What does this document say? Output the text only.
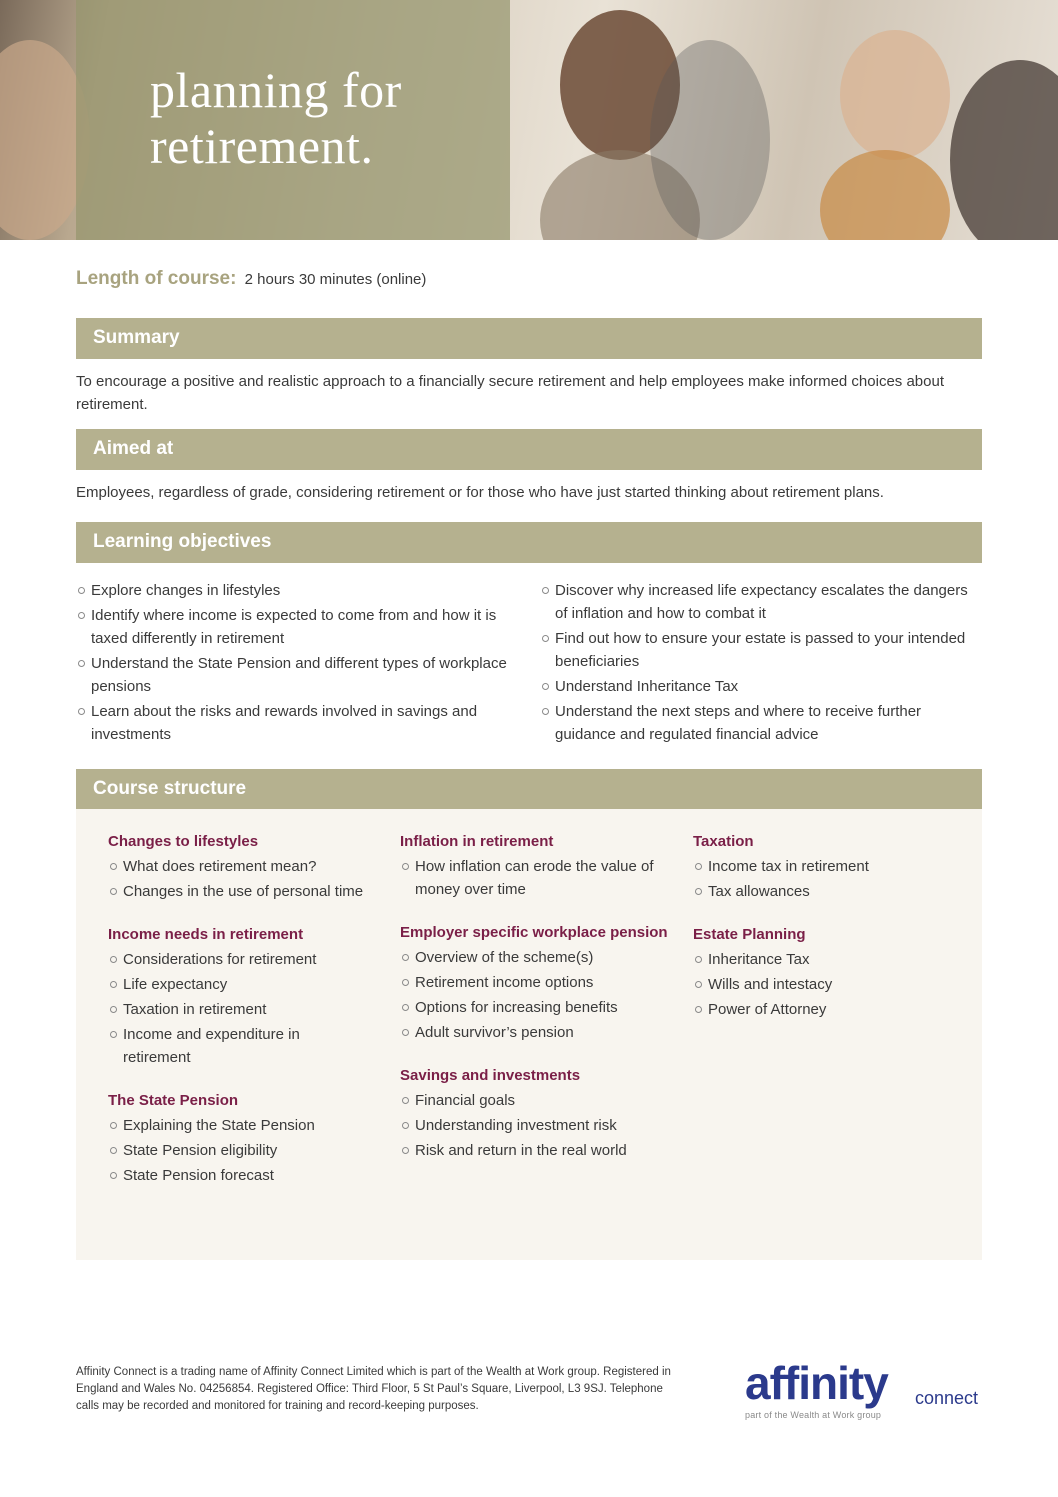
planning for retirement.
Length of course: 2 hours 30 minutes (online)
Summary
To encourage a positive and realistic approach to a financially secure retirement and help employees make informed choices about retirement.
Aimed at
Employees, regardless of grade, considering retirement or for those who have just started thinking about retirement plans.
Learning objectives
Explore changes in lifestyles
Identify where income is expected to come from and how it is taxed differently in retirement
Understand the State Pension and different types of workplace pensions
Learn about the risks and rewards involved in savings and investments
Discover why increased life expectancy escalates the dangers of inflation and how to combat it
Find out how to ensure your estate is passed to your intended beneficiaries
Understand Inheritance Tax
Understand the next steps and where to receive further guidance and regulated financial advice
Course structure
Changes to lifestyles
What does retirement mean?
Changes in the use of personal time
Income needs in retirement
Considerations for retirement
Life expectancy
Taxation in retirement
Income and expenditure in retirement
The State Pension
Explaining the State Pension
State Pension eligibility
State Pension forecast
Inflation in retirement
How inflation can erode the value of money over time
Employer specific workplace pension
Overview of the scheme(s)
Retirement income options
Options for increasing benefits
Adult survivor’s pension
Savings and investments
Financial goals
Understanding investment risk
Risk and return in the real world
Taxation
Income tax in retirement
Tax allowances
Estate Planning
Inheritance Tax
Wills and intestacy
Power of Attorney
Affinity Connect is a trading name of Affinity Connect Limited which is part of the Wealth at Work group. Registered in England and Wales No. 04256854. Registered Office: Third Floor, 5 St Paul’s Square, Liverpool, L3 9SJ. Telephone calls may be recorded and monitored for training and record-keeping purposes.	affinity connect
part of the Wealth at Work group
